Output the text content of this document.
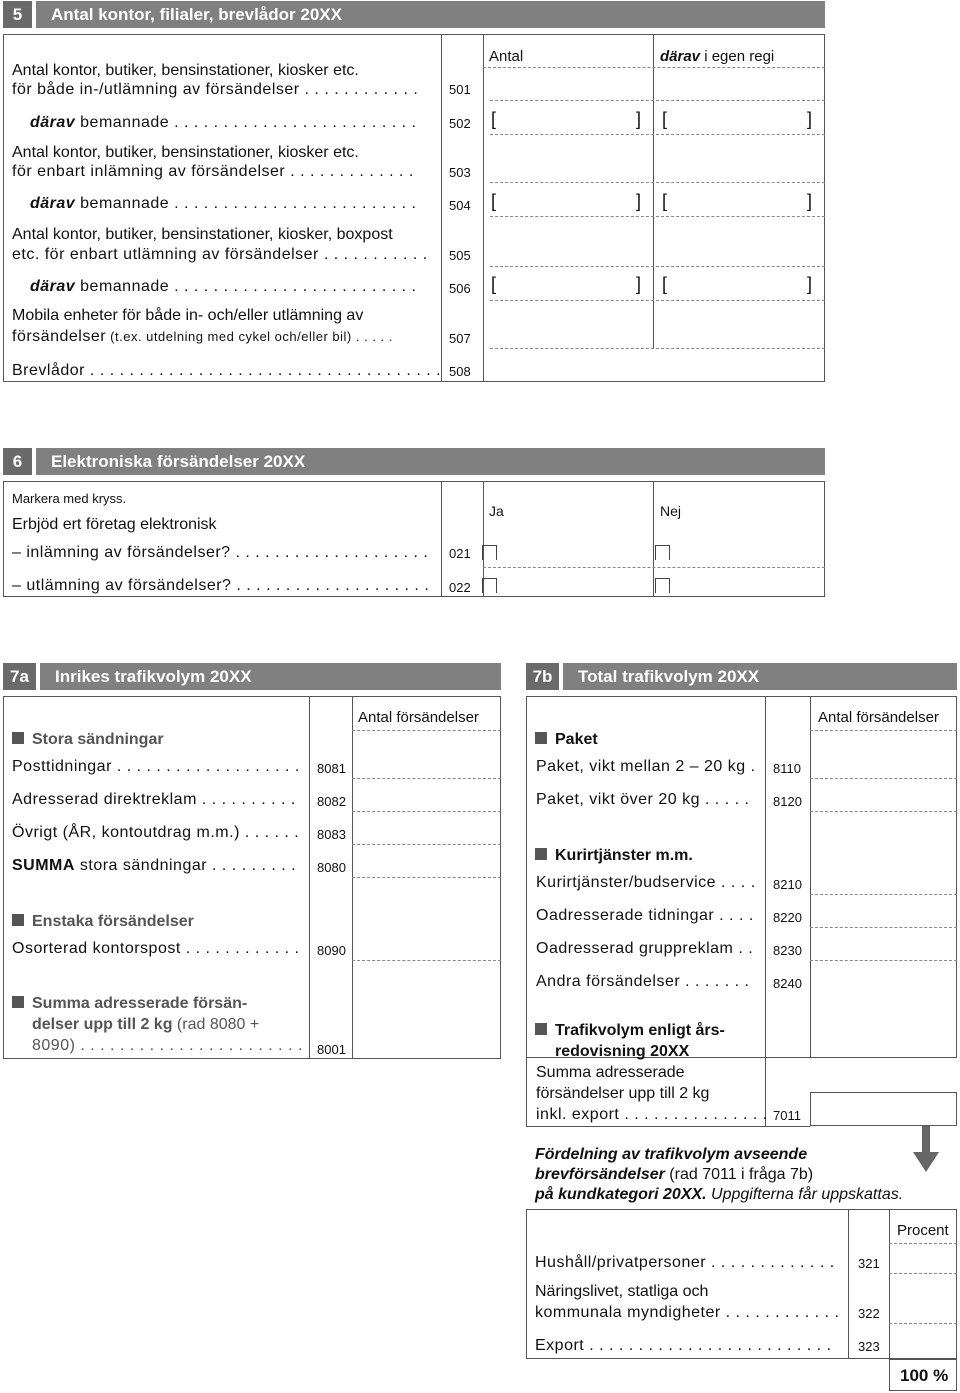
5	Antal kontor, filialer, brevlådor 20XX
Antal	därav i egen regi
Antal kontor, butiker, bensinstationer, kiosker etc.
för både in-/utlämning av försändelser . . . . . . . . . . . . 501
därav bemannade . . . . . . . . . . . . . . . . . . . . . . . . .	502 [	] [	]
Antal kontor, butiker, bensinstationer, kiosker etc.
för enbart inlämning av försändelser . . . . . . . . . . . . .	503
därav bemannade . . . . . . . . . . . . . . . . . . . . . . . . .	504 [	] [	]
Antal kontor, butiker, bensinstationer, kiosker, boxpost
etc. för enbart utlämning av försändelser . . . . . . . . . . . 505
därav bemannade . . . . . . . . . . . . . . . . . . . . . . . . .	506 [	] [	]
Mobila enheter för både in- och/eller utlämning av
försändelser (t.ex. utdelning med cykel och/eller bil) . . . . .	507
Brevlådor . . . . . . . . . . . . . . . . . . . . . . . . . . . . . . . . . . . . 508
6	Elektroniska försändelser 20XX
Markera med kryss.
Erbjöd ert företag elektronisk
Ja	Nej
– inlämning av försändelser? . . . . . . . . . . . . . . . . . . . . 021
– utlämning av försändelser? . . . . . . . . . . . . . . . . . . . . 022
7a	Inrikes trafikvolym 20XX
Antal försändelser
Stora sändningar
Posttidningar . . . . . . . . . . . . . . . . . . . 8081
Adresserad direktreklam . . . . . . . . . . 8082
Övrigt (ÅR, kontoutdrag m.m.) . . . . . . 8083
SUMMA stora sändningar . . . . . . . . . 8080
Enstaka försändelser
Osorterad kontorspost . . . . . . . . . . . . 8090
Summa adresserade försän-
delser upp till 2 kg (rad 8080 +
8090) . . . . . . . . . . . . . . . . . . . . . . . 8001
7b	Total trafikvolym 20XX
Antal försändelser
Paket
Paket, vikt mellan 2 – 20 kg . 8110
Paket, vikt över 20 kg . . . . . 8120
Kurirtjänster m.m.
Kurirtjänster/budservice . . . . 8210
Oadresserade tidningar . . . . 8220
Oadresserad gruppreklam . . 8230
Andra försändelser . . . . . . . 8240
Trafikvolym enligt års-
redovisning 20XX
Summa adresserade
försändelser upp till 2 kg
inkl. export . . . . . . . . . . . . . . . 7011
Fördelning av trafikvolym avseende
brevförsändelser (rad 7011 i fråga 7b)
på kundkategori 20XX. Uppgifterna får uppskattas.
Procent
Hushåll/privatpersoner . . . . . . . . . . . . . 321
Näringslivet, statliga och
kommunala myndigheter . . . . . . . . . . . . 322
Export . . . . . . . . . . . . . . . . . . . . . . . . . 323
100 %
